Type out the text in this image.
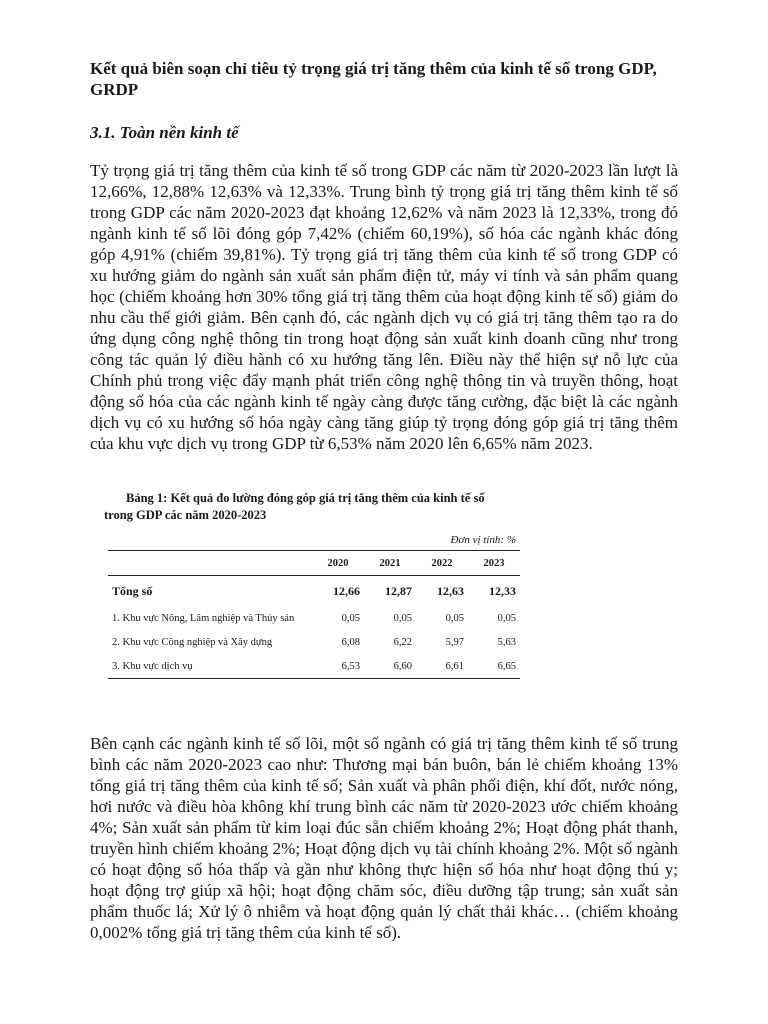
Kết quả biên soạn chỉ tiêu tỷ trọng giá trị tăng thêm của kinh tế số trong GDP, GRDP
3.1. Toàn nền kinh tế

Tỷ trọng giá trị tăng thêm của kinh tế số trong GDP các năm từ 2020-2023 lần lượt là 12,66%, 12,88% 12,63% và 12,33%. Trung bình tỷ trọng giá trị tăng thêm kinh tế số trong GDP các năm 2020-2023 đạt khoảng 12,62% và năm 2023 là 12,33%, trong đó ngành kinh tế số lõi đóng góp 7,42% (chiếm 60,19%), số hóa các ngành khác đóng góp 4,91% (chiếm 39,81%). Tỷ trọng giá trị tăng thêm của kinh tế số trong GDP có xu hướng giảm do ngành sản xuất sản phẩm điện tử, máy vi tính và sản phẩm quang học (chiếm khoảng hơn 30% tổng giá trị tăng thêm của hoạt động kinh tế số) giảm do nhu cầu thế giới giảm. Bên cạnh đó, các ngành dịch vụ có giá trị tăng thêm tạo ra do ứng dụng công nghệ thông tin trong hoạt động sản xuất kinh doanh cũng như trong công tác quản lý điều hành có xu hướng tăng lên. Điều này thể hiện sự nỗ lực của Chính phủ trong việc đẩy mạnh phát triển công nghệ thông tin và truyền thông, hoạt động số hóa của các ngành kinh tế ngày càng được tăng cường, đặc biệt là các ngành dịch vụ có xu hướng số hóa ngày càng tăng giúp tỷ trọng đóng góp giá trị tăng thêm của khu vực dịch vụ trong GDP từ 6,53% năm 2020 lên 6,65% năm 2023.

Bảng 1: Kết quả đo lường đóng góp giá trị tăng thêm của kinh tế số
trong GDP các năm 2020-2023

Đơn vị tính: %
	2020	2021	2022	2023
Tổng số	12,66	12,87	12,63	12,33
1. Khu vực Nông, Lâm nghiệp và Thủy sản	0,05	0,05	0,05	0,05
2. Khu vực Công nghiệp và Xây dựng	6,08	6,22	5,97	5,63
3. Khu vực dịch vụ	6,53	6,60	6,61	6,65

Bên cạnh các ngành kinh tế số lõi, một số ngành có giá trị tăng thêm kinh tế số trung bình các năm 2020-2023 cao như: Thương mại bán buôn, bán lẻ chiếm khoảng 13% tổng giá trị tăng thêm của kinh tế số; Sản xuất và phân phối điện, khí đốt, nước nóng, hơi nước và điều hòa không khí trung bình các năm từ 2020-2023 ước chiếm khoảng 4%; Sản xuất sản phẩm từ kim loại đúc sẵn chiếm khoảng 2%; Hoạt động phát thanh, truyền hình chiếm khoảng 2%; Hoạt động dịch vụ tài chính khoảng 2%. Một số ngành có hoạt động số hóa thấp và gần như không thực hiện số hóa như hoạt động thú y; hoạt động trợ giúp xã hội; hoạt động chăm sóc, điều dưỡng tập trung; sản xuất sản phẩm thuốc lá; Xử lý ô nhiễm và hoạt động quản lý chất thải khác… (chiếm khoảng 0,002% tổng giá trị tăng thêm của kinh tế số).
